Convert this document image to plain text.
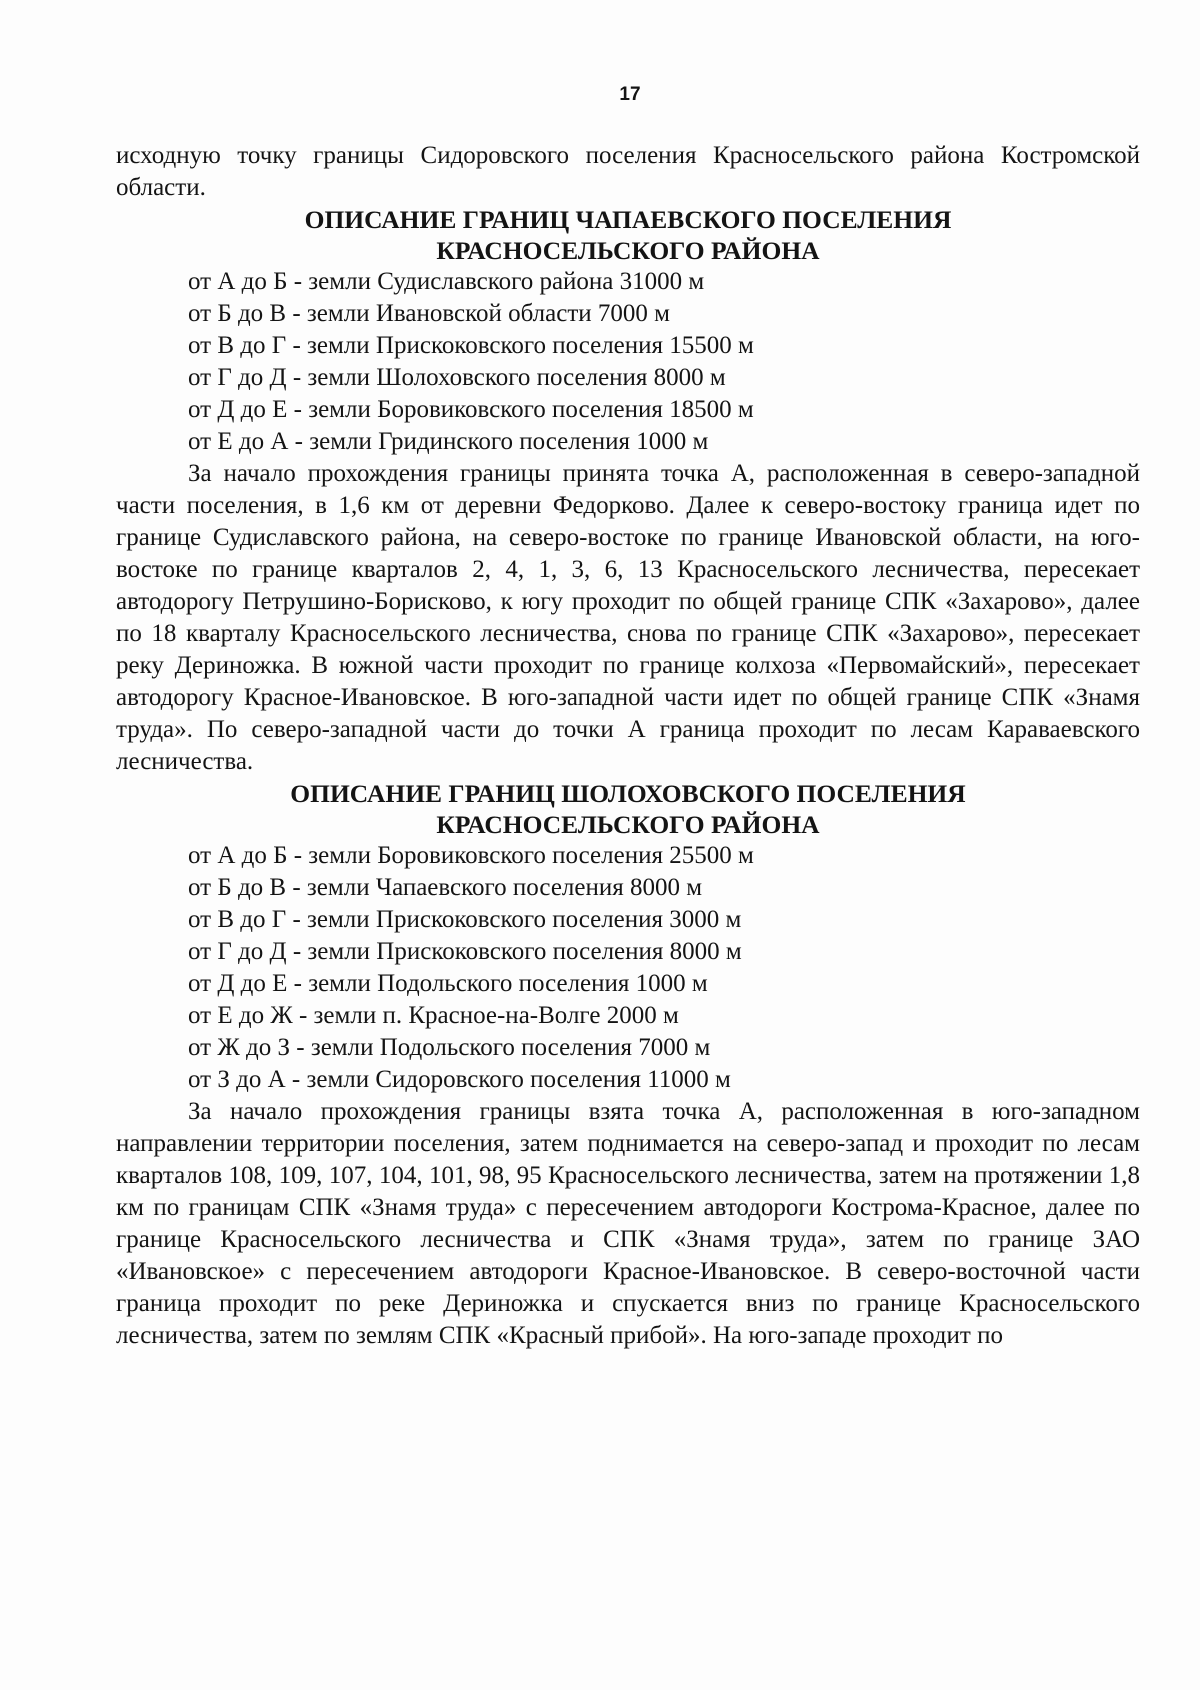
17

исходную точку границы Сидоровского поселения Красносельского района Костромской области.

ОПИСАНИЕ ГРАНИЦ ЧАПАЕВСКОГО ПОСЕЛЕНИЯ
КРАСНОСЕЛЬСКОГО РАЙОНА
от А до Б - земли Судиславского района 31000 м
от Б до В - земли Ивановской области 7000 м
от В до Г - земли Прискоковского поселения 15500 м
от Г до Д - земли Шолоховского поселения 8000 м
от Д до Е - земли Боровиковского поселения 18500 м
от Е до А - земли Гридинского поселения 1000 м

За начало прохождения границы принята точка А, расположенная в северо-западной части поселения, в 1,6 км от деревни Федорково. Далее к северо-востоку граница идет по границе Судиславского района, на северо-востоке по границе Ивановской области, на юго-востоке по границе кварталов 2, 4, 1, 3, 6, 13 Красносельского лесничества, пересекает автодорогу Петрушино-Борисково, к югу проходит по общей границе СПК «Захарово», далее по 18 кварталу Красносельского лесничества, снова по границе СПК «Захарово», пересекает реку Дериножка. В южной части проходит по границе колхоза «Первомайский», пересекает автодорогу Красное-Ивановское. В юго-западной части идет по общей границе СПК «Знамя труда». По северо-западной части до точки А граница проходит по лесам Караваевского лесничества.

ОПИСАНИЕ ГРАНИЦ ШОЛОХОВСКОГО ПОСЕЛЕНИЯ
КРАСНОСЕЛЬСКОГО РАЙОНА
от А до Б - земли Боровиковского поселения 25500 м
от Б до В - земли Чапаевского поселения 8000 м
от В до Г - земли Прискоковского поселения 3000 м
от Г до Д - земли Прискоковского поселения 8000 м
от Д до Е - земли Подольского поселения 1000 м
от Е до Ж - земли п. Красное-на-Волге 2000 м
от Ж до З - земли Подольского поселения 7000 м
от З до А - земли Сидоровского поселения 11000 м

За начало прохождения границы взята точка А, расположенная в юго-западном направлении территории поселения, затем поднимается на северо-запад и проходит по лесам кварталов 108, 109, 107, 104, 101, 98, 95 Красносельского лесничества, затем на протяжении 1,8 км по границам СПК «Знамя труда» с пересечением автодороги Кострома-Красное, далее по границе Красносельского лесничества и СПК «Знамя труда», затем по границе ЗАО «Ивановское» с пересечением автодороги Красное-Ивановское. В северо-восточной части граница проходит по реке Дериножка и спускается вниз по границе Красносельского лесничества, затем по землям СПК «Красный прибой». На юго-западе проходит по
